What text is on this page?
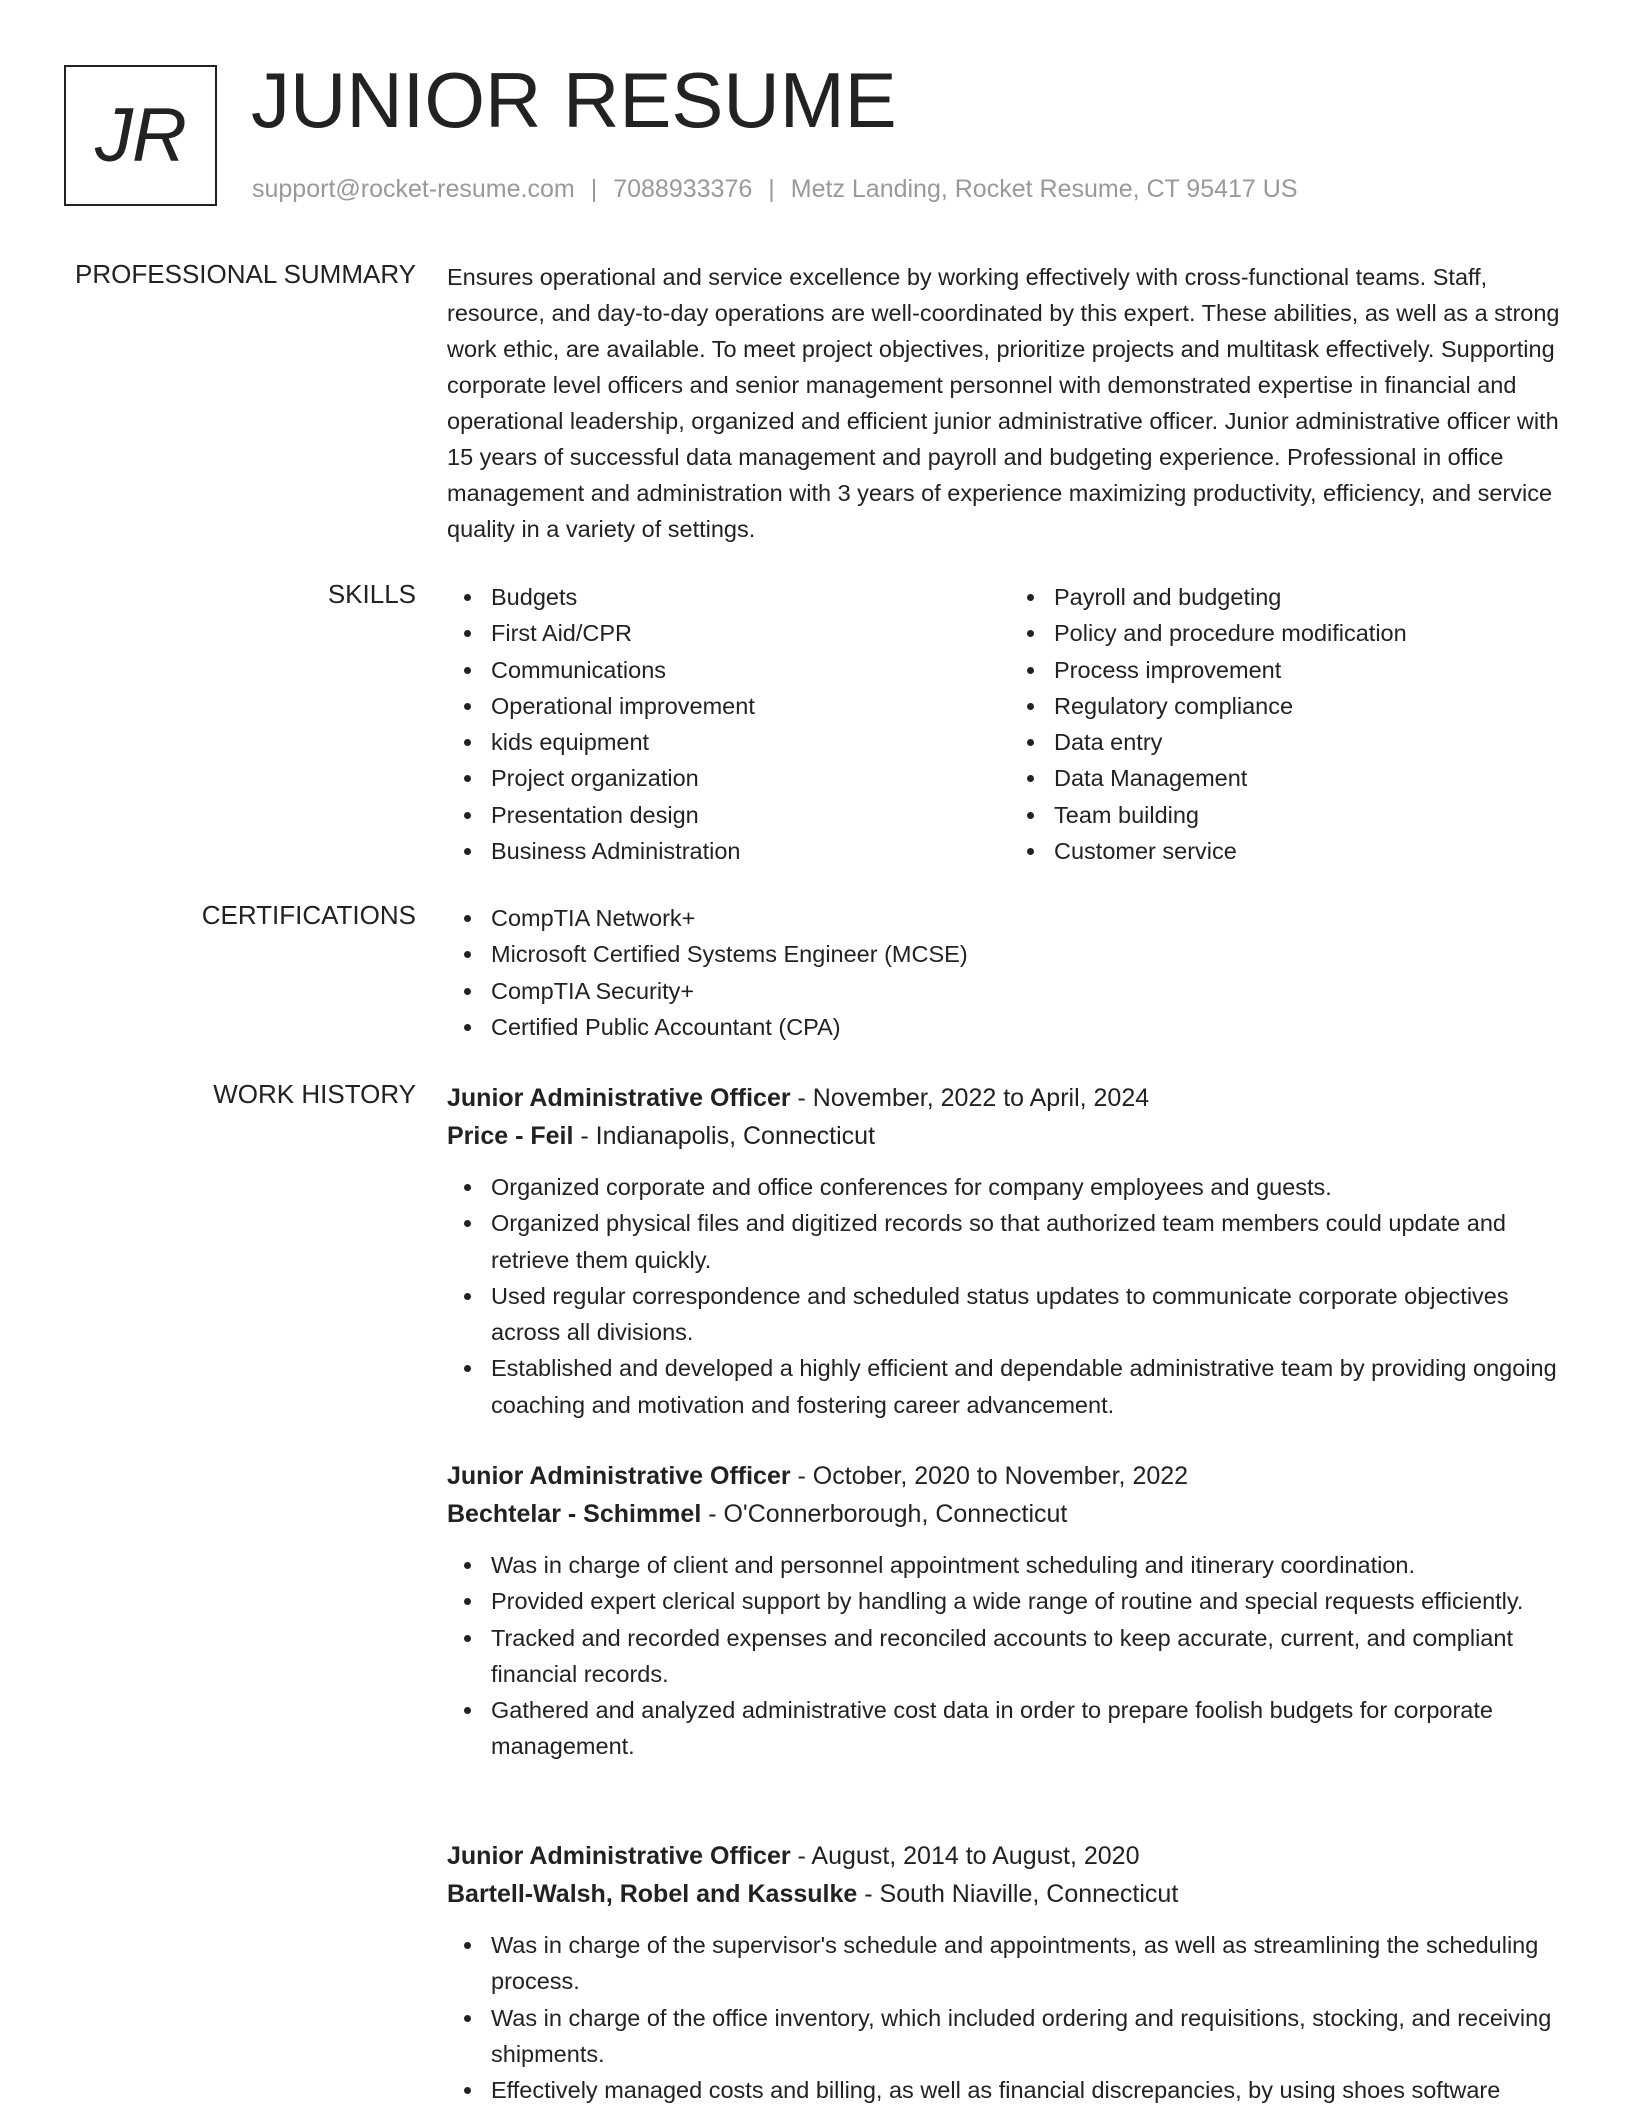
JR JUNIOR RESUME
support@rocket-resume.com | 7088933376 | Metz Landing, Rocket Resume, CT 95417 US
PROFESSIONAL SUMMARY Ensures operational and service excellence by working effectively with cross-functional teams. Staff, resource, and day-to-day operations are well-coordinated by this expert. These abilities, as well as a strong work ethic, are available. To meet project objectives, prioritize projects and multitask effectively. Supporting corporate level officers and senior management personnel with demonstrated expertise in financial and operational leadership, organized and efficient junior administrative officer. Junior administrative officer with 15 years of successful data management and payroll and budgeting experience. Professional in office management and administration with 3 years of experience maximizing productivity, efficiency, and service quality in a variety of settings.

SKILLS	Budgets
First Aid/CPR
Communications
Operational improvement
kids equipment
Project organization
Presentation design
Business Administration
Payroll and budgeting
Policy and procedure modification
Process improvement
Regulatory compliance
Data entry
Data Management
Team building
Customer service
CERTIFICATIONS	CompTIA Network+
Microsoft Certified Systems Engineer (MCSE)
CompTIA Security+
Certified Public Accountant (CPA)
WORK HISTORY Junior Administrative Officer - November, 2022 to April, 2024
Price - Feil - Indianapolis, Connecticut
Organized corporate and office conferences for company employees and guests.
Organized physical files and digitized records so that authorized team members could update and retrieve them quickly.
Used regular correspondence and scheduled status updates to communicate corporate objectives across all divisions.
Established and developed a highly efficient and dependable administrative team by providing ongoing coaching and motivation and fostering career advancement.
Junior Administrative Officer - October, 2020 to November, 2022
Bechtelar - Schimmel - O'Connerborough, Connecticut
Was in charge of client and personnel appointment scheduling and itinerary coordination.
Provided expert clerical support by handling a wide range of routine and special requests efficiently.
Tracked and recorded expenses and reconciled accounts to keep accurate, current, and compliant financial records.
Gathered and analyzed administrative cost data in order to prepare foolish budgets for corporate management.
Junior Administrative Officer - August, 2014 to August, 2020
Bartell-Walsh, Robel and Kassulke - South Niaville, Connecticut
Was in charge of the supervisor's schedule and appointments, as well as streamlining the scheduling process.
Was in charge of the office inventory, which included ordering and requisitions, stocking, and receiving shipments.
Effectively managed costs and billing, as well as financial discrepancies, by using shoes software
